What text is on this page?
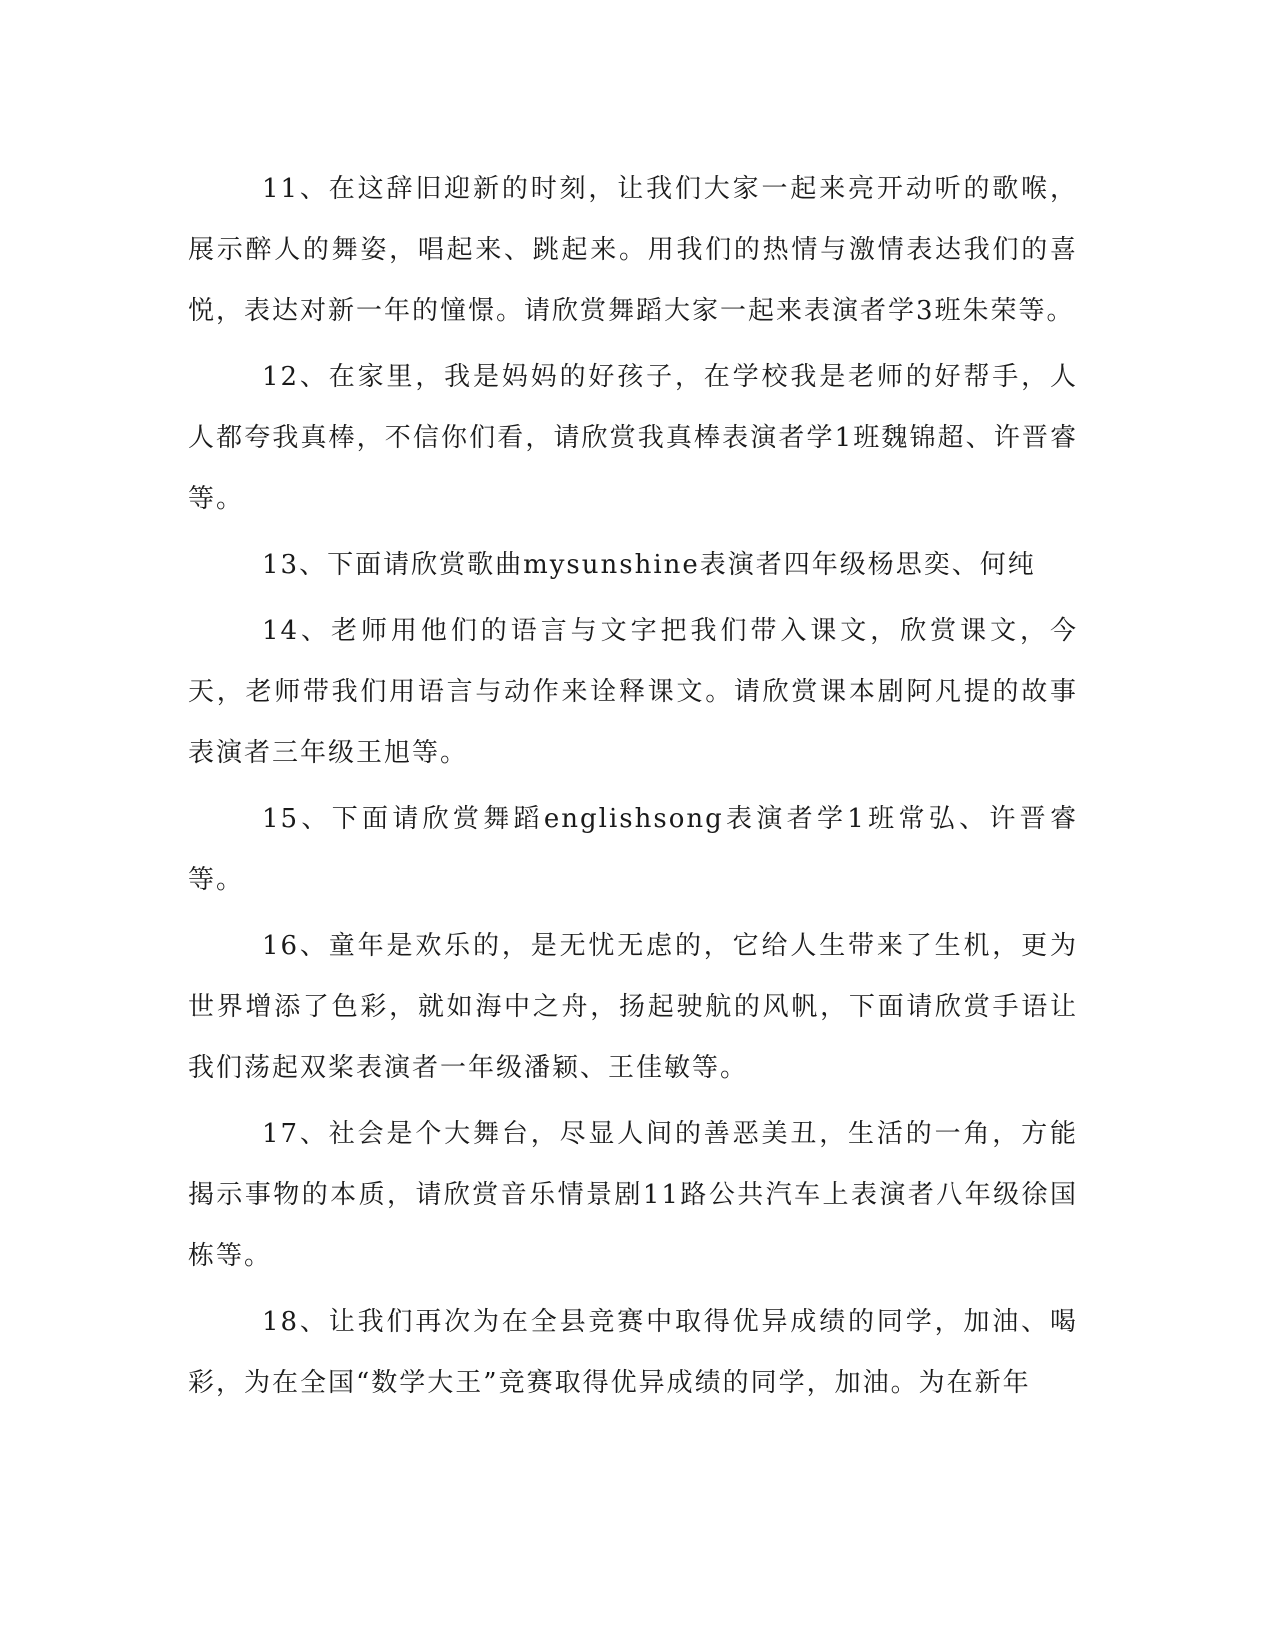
11、在这辞旧迎新的时刻，让我们大家一起来亮开动听的歌喉，展示醉人的舞姿，唱起来、跳起来。用我们的热情与激情表达我们的喜悦，表达对新一年的憧憬。请欣赏舞蹈大家一起来表演者学3班朱荣等。

12、在家里，我是妈妈的好孩子，在学校我是老师的好帮手，人人都夸我真棒，不信你们看，请欣赏我真棒表演者学1班魏锦超、许晋睿等。

13、下面请欣赏歌曲mysunshine表演者四年级杨思奕、何纯

14、老师用他们的语言与文字把我们带入课文，欣赏课文，今天，老师带我们用语言与动作来诠释课文。请欣赏课本剧阿凡提的故事表演者三年级王旭等。

15、下面请欣赏舞蹈englishsong表演者学1班常弘、许晋睿等。

16、童年是欢乐的，是无忧无虑的，它给人生带来了生机，更为世界增添了色彩，就如海中之舟，扬起驶航的风帆，下面请欣赏手语让我们荡起双桨表演者一年级潘颖、王佳敏等。

17、社会是个大舞台，尽显人间的善恶美丑，生活的一角，方能揭示事物的本质，请欣赏音乐情景剧11路公共汽车上表演者八年级徐国栋等。

18、让我们再次为在全县竞赛中取得优异成绩的同学，加油、喝彩，为在全国“数学大王”竞赛取得优异成绩的同学，加油。为在新年
